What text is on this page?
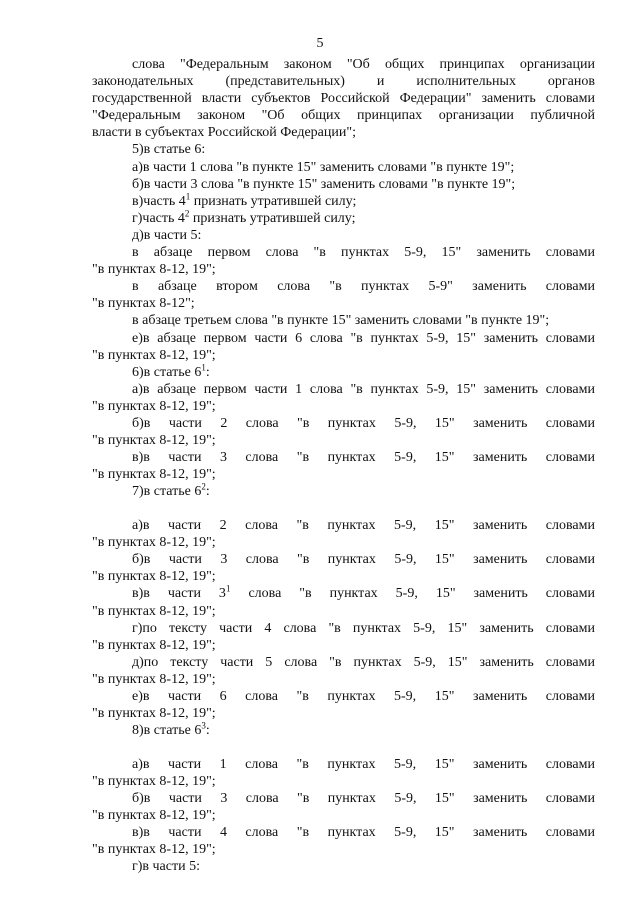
5
слова "Федеральным законом "Об общих принципах организации
законодательных (представительных) и исполнительных органов
государственной власти субъектов Российской Федерации" заменить словами
"Федеральным законом "Об общих принципах организации публичной
власти в субъектах Российской Федерации";
5)в статье 6:
а)в части 1 слова "в пункте 15" заменить словами "в пункте 19";
б)в части 3 слова "в пункте 15" заменить словами "в пункте 19";
в)часть $4^1$ признать утратившей силу;
г)часть $4^2$ признать утратившей силу;
д)в части 5:
в абзаце первом слова "в пунктах 5-9, 15" заменить словами
"в пунктах 8-12, 19";
в абзаце втором слова "в пунктах 5-9" заменить словами
"в пунктах 8-12";
в абзаце третьем слова "в пункте 15" заменить словами "в пункте 19";
е)в абзаце первом части 6 слова "в пунктах 5-9, 15" заменить словами
"в пунктах 8-12, 19";
6)в статье $6^1$:
а)в абзаце первом части 1 слова "в пунктах 5-9, 15" заменить словами
"в пунктах 8-12, 19";
б)в части 2 слова "в пунктах 5-9, 15" заменить словами
"в пунктах 8-12, 19";
в)в части 3 слова "в пунктах 5-9, 15" заменить словами
"в пунктах 8-12, 19";
7)в статье $6^2$:
а)в части 2 слова "в пунктах 5-9, 15" заменить словами
"в пунктах 8-12, 19";
б)в части 3 слова "в пунктах 5-9, 15" заменить словами
"в пунктах 8-12, 19";
в)в части $3^1$ слова "в пунктах 5-9, 15" заменить словами
"в пунктах 8-12, 19";
г)по тексту части 4 слова "в пунктах 5-9, 15" заменить словами
"в пунктах 8-12, 19";
д)по тексту части 5 слова "в пунктах 5-9, 15" заменить словами
"в пунктах 8-12, 19";
е)в части 6 слова "в пунктах 5-9, 15" заменить словами
"в пунктах 8-12, 19";
8)в статье $6^3$:
а)в части 1 слова "в пунктах 5-9, 15" заменить словами
"в пунктах 8-12, 19";
б)в части 3 слова "в пунктах 5-9, 15" заменить словами
"в пунктах 8-12, 19";
в)в части 4 слова "в пунктах 5-9, 15" заменить словами
"в пунктах 8-12, 19";
г)в части 5:
